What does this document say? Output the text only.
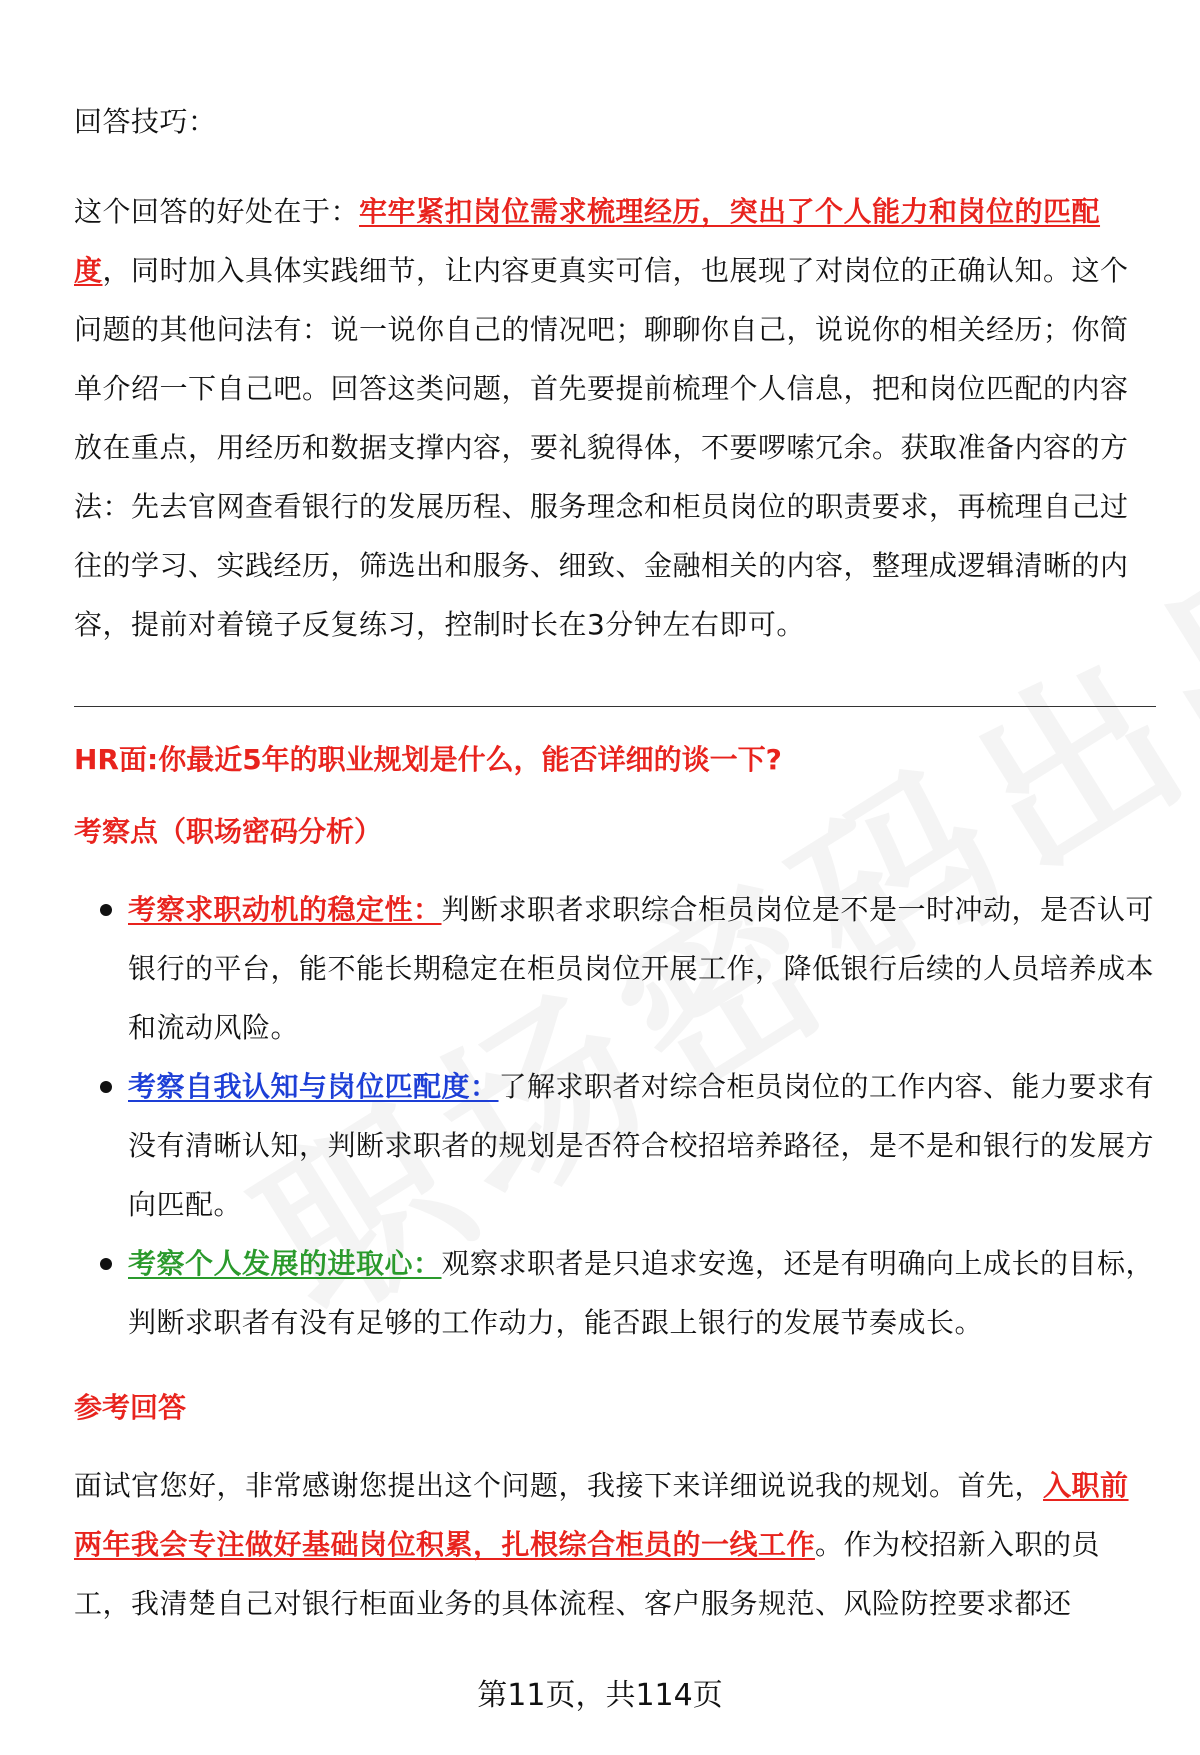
回答技巧：

这个回答的好处在于：牢牢紧扣岗位需求梳理经历，突出了个人能力和岗位的匹配度，同时加入具体实践细节，让内容更真实可信，也展现了对岗位的正确认知。这个问题的其他问法有：说一说你自己的情况吧；聊聊你自己，说说你的相关经历；你简单介绍一下自己吧。回答这类问题，首先要提前梳理个人信息，把和岗位匹配的内容放在重点，用经历和数据支撑内容，要礼貌得体，不要啰嗦冗余。获取准备内容的方法：先去官网查看银行的发展历程、服务理念和柜员岗位的职责要求，再梳理自己过往的学习、实践经历，筛选出和服务、细致、金融相关的内容，整理成逻辑清晰的内容，提前对着镜子反复练习，控制时长在3分钟左右即可。

HR面:你最近5年的职业规划是什么，能否详细的谈一下?

考察点（职场密码分析）

考察求职动机的稳定性：判断求职者求职综合柜员岗位是不是一时冲动，是否认可银行的平台，能不能长期稳定在柜员岗位开展工作，降低银行后续的人员培养成本和流动风险。
考察自我认知与岗位匹配度：了解求职者对综合柜员岗位的工作内容、能力要求有没有清晰认知，判断求职者的规划是否符合校招培养路径，是不是和银行的发展方向匹配。
考察个人发展的进取心：观察求职者是只追求安逸，还是有明确向上成长的目标，判断求职者有没有足够的工作动力，能否跟上银行的发展节奏成长。

参考回答

面试官您好，非常感谢您提出这个问题，我接下来详细说说我的规划。首先，入职前两年我会专注做好基础岗位积累，扎根综合柜员的一线工作。作为校招新入职的员工，我清楚自己对银行柜面业务的具体流程、客户服务规范、风险防控要求都还

第11页，共114页
